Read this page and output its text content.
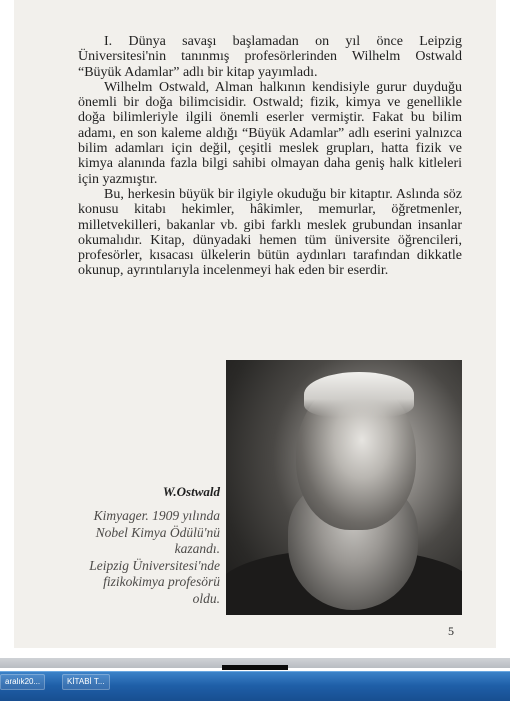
I. Dünya savaşı başlamadan on yıl önce Leipzig Üniversitesi'nin tanınmış profesörlerinden Wilhelm Ostwald “Büyük Adamlar” adlı bir kitap yayımladı.

Wilhelm Ostwald, Alman halkının kendisiyle gurur duyduğu önemli bir doğa bilimcisidir. Ostwald; fizik, kimya ve genellikle doğa bilimleriyle ilgili önemli eserler vermiştir. Fakat bu bilim adamı, en son kaleme aldığı “Büyük Adamlar” adlı eserini yalnızca bilim adamları için değil, çeşitli meslek grupları, hatta fizik ve kimya alanında fazla bilgi sahibi olmayan daha geniş halk kitleleri için yazmıştır.

Bu, herkesin büyük bir ilgiyle okuduğu bir kitaptır. Aslında söz konusu kitabı hekimler, hâkimler, memurlar, öğretmenler, milletvekilleri, bakanlar vb. gibi farklı meslek grubundan insanlar okumalıdır. Kitap, dünyadaki hemen tüm üniversite öğrencileri, profesörler, kısacası ülkelerin bütün aydınları tarafından dikkatle okunup, ayrıntılarıyla incelenmeyi hak eden bir eserdir.

W.Ostwald
Kimyager. 1909 yılında
Nobel Kimya Ödülü'nü
kazandı.
Leipzig Üniversitesi'nde
fizikokimya profesörü
oldu.
5
aralık20...	KİTABİ T...
